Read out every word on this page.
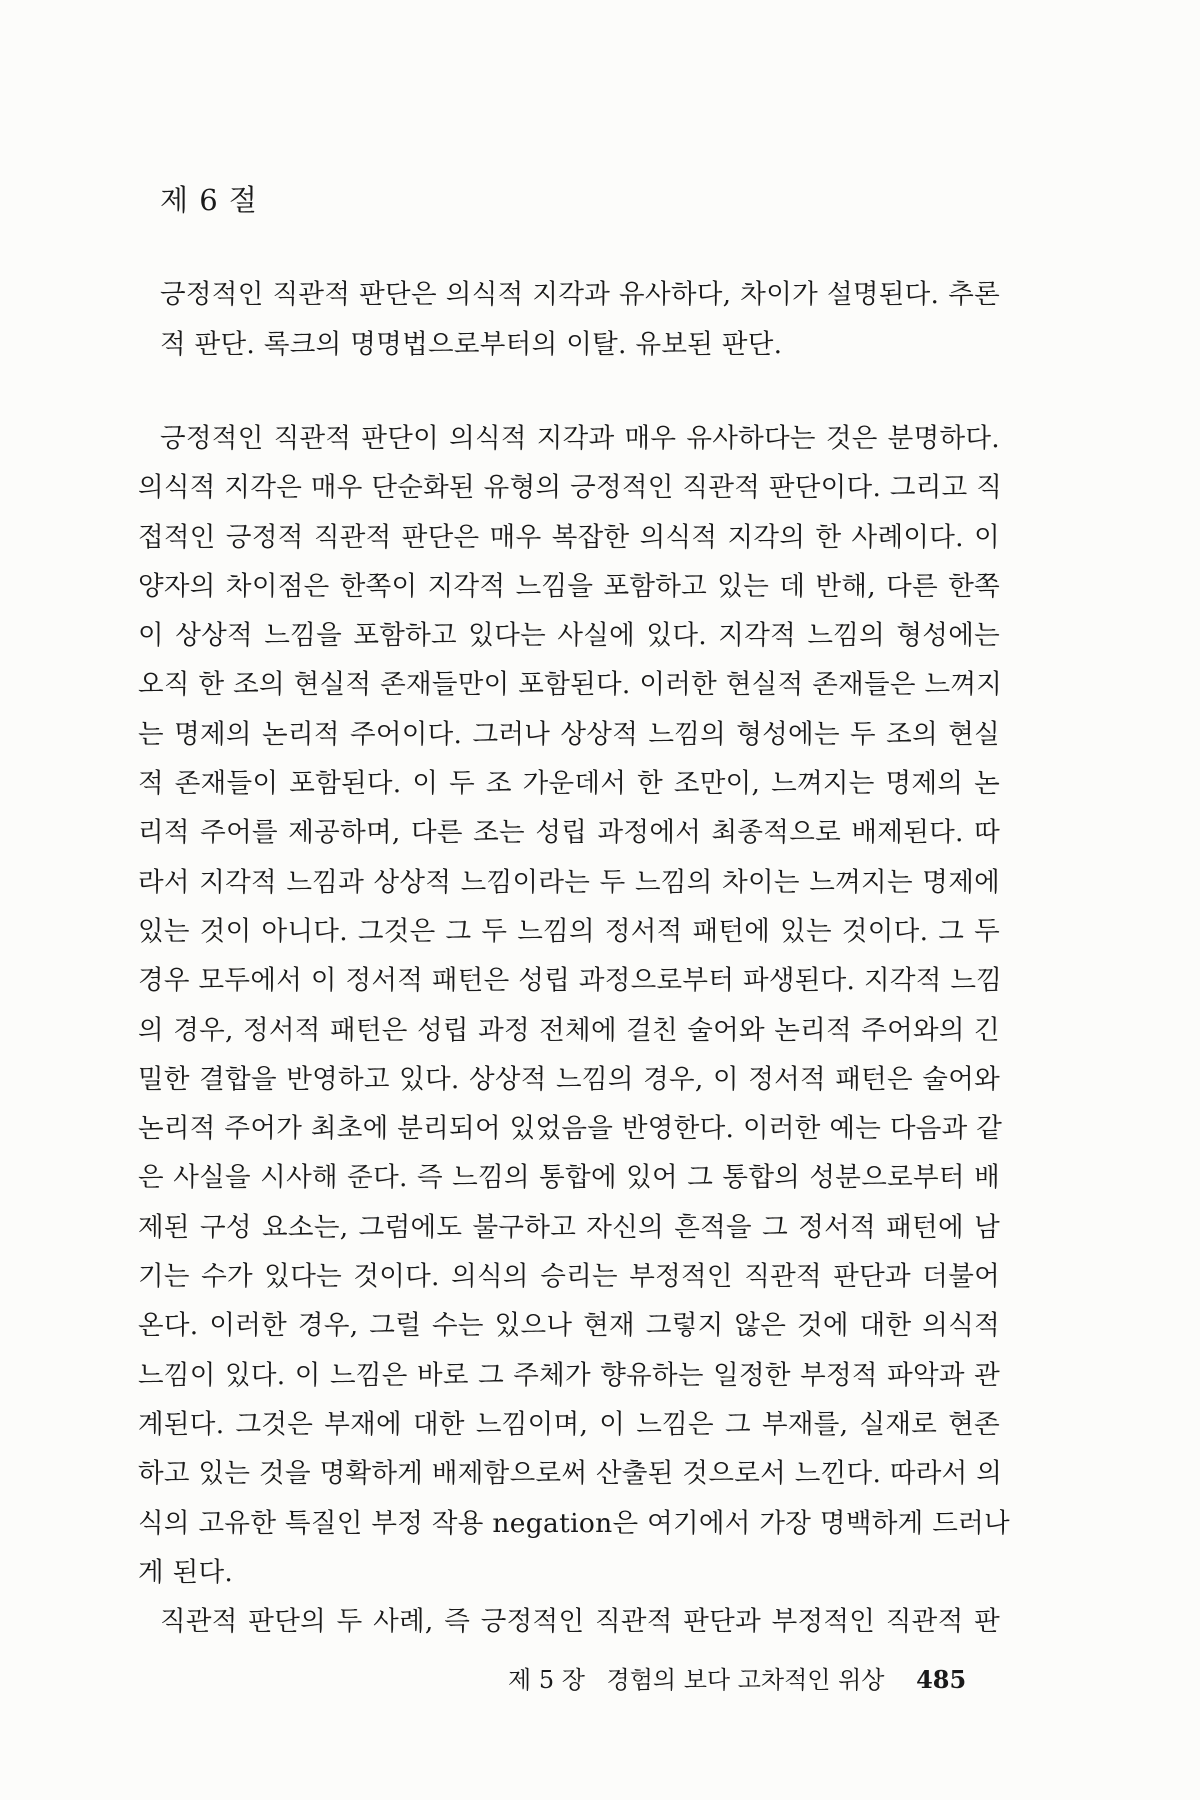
제 6 절
긍정적인 직관적 판단은 의식적 지각과 유사하다, 차이가 설명된다. 추론
적 판단. 록크의 명명법으로부터의 이탈. 유보된 판단.
긍정적인 직관적 판단이 의식적 지각과 매우 유사하다는 것은 분명하다.
의식적 지각은 매우 단순화된 유형의 긍정적인 직관적 판단이다. 그리고 직
접적인 긍정적 직관적 판단은 매우 복잡한 의식적 지각의 한 사례이다. 이
양자의 차이점은 한쪽이 지각적 느낌을 포함하고 있는 데 반해, 다른 한쪽
이 상상적 느낌을 포함하고 있다는 사실에 있다. 지각적 느낌의 형성에는
오직 한 조의 현실적 존재들만이 포함된다. 이러한 현실적 존재들은 느껴지
는 명제의 논리적 주어이다. 그러나 상상적 느낌의 형성에는 두 조의 현실
적 존재들이 포함된다. 이 두 조 가운데서 한 조만이, 느껴지는 명제의 논
리적 주어를 제공하며, 다른 조는 성립 과정에서 최종적으로 배제된다. 따
라서 지각적 느낌과 상상적 느낌이라는 두 느낌의 차이는 느껴지는 명제에
있는 것이 아니다. 그것은 그 두 느낌의 정서적 패턴에 있는 것이다. 그 두
경우 모두에서 이 정서적 패턴은 성립 과정으로부터 파생된다. 지각적 느낌
의 경우, 정서적 패턴은 성립 과정 전체에 걸친 술어와 논리적 주어와의 긴
밀한 결합을 반영하고 있다. 상상적 느낌의 경우, 이 정서적 패턴은 술어와
논리적 주어가 최초에 분리되어 있었음을 반영한다. 이러한 예는 다음과 같
은 사실을 시사해 준다. 즉 느낌의 통합에 있어 그 통합의 성분으로부터 배
제된 구성 요소는, 그럼에도 불구하고 자신의 흔적을 그 정서적 패턴에 남
기는 수가 있다는 것이다. 의식의 승리는 부정적인 직관적 판단과 더불어
온다. 이러한 경우, 그럴 수는 있으나 현재 그렇지 않은 것에 대한 의식적
느낌이 있다. 이 느낌은 바로 그 주체가 향유하는 일정한 부정적 파악과 관
계된다. 그것은 부재에 대한 느낌이며, 이 느낌은 그 부재를, 실재로 현존
하고 있는 것을 명확하게 배제함으로써 산출된 것으로서 느낀다. 따라서 의
식의 고유한 특질인 부정 작용 negation은 여기에서 가장 명백하게 드러나
게 된다.
직관적 판단의 두 사례, 즉 긍정적인 직관적 판단과 부정적인 직관적 판
제 5 장 경험의 보다 고차적인 위상 485
